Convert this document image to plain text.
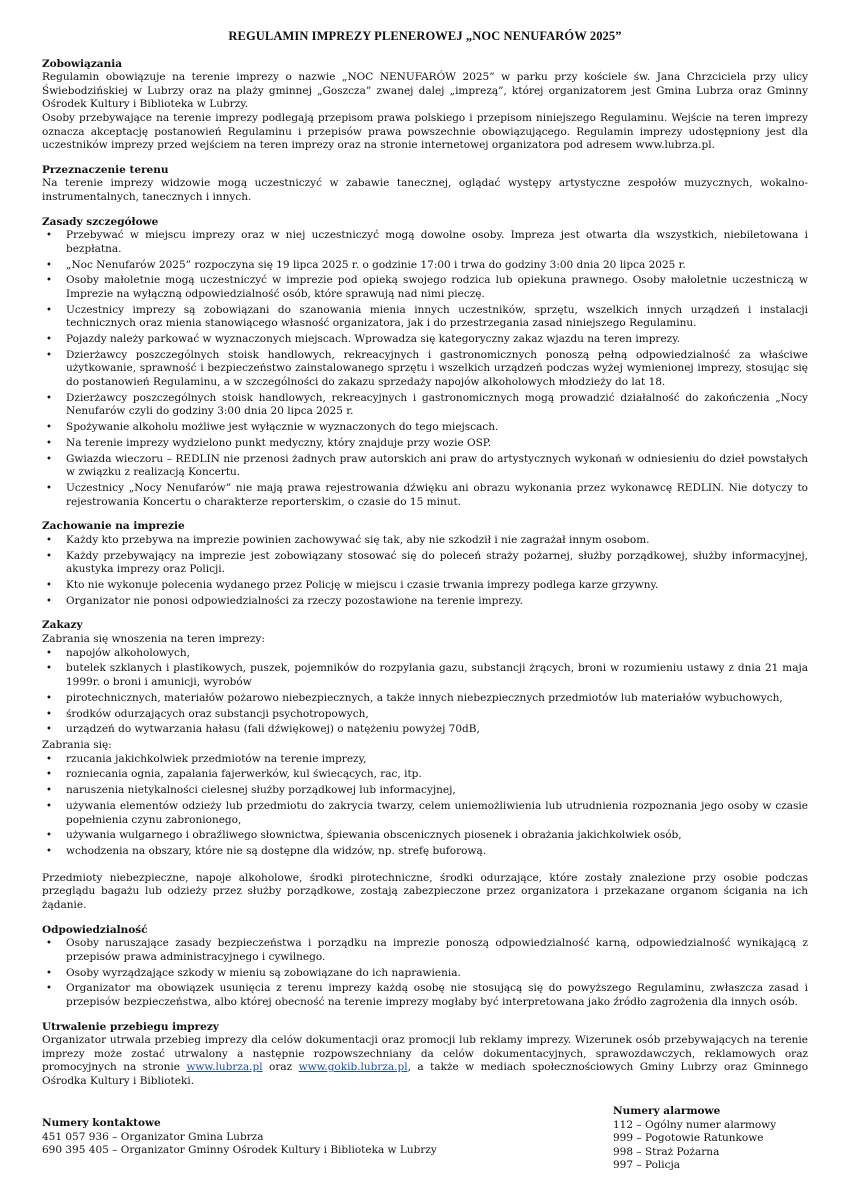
REGULAMIN IMPREZY PLENEROWEJ „NOC NENUFARÓW 2025”
Zobowiązania

Regulamin obowiązuje na terenie imprezy o nazwie „NOC NENUFARÓW 2025” w parku przy kościele św. Jana Chrzciciela przy ulicy Świebodzińskiej w Lubrzy oraz na plaży gminnej „Goszcza” zwanej dalej „imprezą”, której organizatorem jest Gmina Lubrza oraz Gminny Ośrodek Kultury i Biblioteka w Lubrzy.

Osoby przebywające na terenie imprezy podlegają przepisom prawa polskiego i przepisom niniejszego Regulaminu. Wejście na teren imprezy oznacza akceptację postanowień Regulaminu i przepisów prawa powszechnie obowiązującego. Regulamin imprezy udostępniony jest dla uczestników imprezy przed wejściem na teren imprezy oraz na stronie internetowej organizatora pod adresem www.lubrza.pl.

Przeznaczenie terenu

Na terenie imprezy widzowie mogą uczestniczyć w zabawie tanecznej, oglądać występy artystyczne zespołów muzycznych, wokalno-instrumentalnych, tanecznych i innych.

Zasady szczegółowe
• Przebywać w miejscu imprezy oraz w niej uczestniczyć mogą dowolne osoby. Impreza jest otwarta dla wszystkich, niebiletowana i bezpłatna.
• „Noc Nenufarów 2025” rozpoczyna się 19 lipca 2025 r. o godzinie 17:00 i trwa do godziny 3:00 dnia 20 lipca 2025 r.
• Osoby małoletnie mogą uczestniczyć w imprezie pod opieką swojego rodzica lub opiekuna prawnego. Osoby małoletnie uczestniczą w Imprezie na wyłączną odpowiedzialność osób, które sprawują nad nimi pieczę.
• Uczestnicy imprezy są zobowiązani do szanowania mienia innych uczestników, sprzętu, wszelkich innych urządzeń i instalacji technicznych oraz mienia stanowiącego własność organizatora, jak i do przestrzegania zasad niniejszego Regulaminu.
• Pojazdy należy parkować w wyznaczonych miejscach. Wprowadza się kategoryczny zakaz wjazdu na teren imprezy.
• Dzierżawcy poszczególnych stoisk handlowych, rekreacyjnych i gastronomicznych ponoszą pełną odpowiedzialność za właściwe użytkowanie, sprawność i bezpieczeństwo zainstalowanego sprzętu i wszelkich urządzeń podczas wyżej wymienionej imprezy, stosując się do postanowień Regulaminu, a w szczególności do zakazu sprzedaży napojów alkoholowych młodzieży do lat 18.
• Dzierżawcy poszczególnych stoisk handlowych, rekreacyjnych i gastronomicznych mogą prowadzić działalność do zakończenia „Nocy Nenufarów czyli do godziny 3:00 dnia 20 lipca 2025 r.
• Spożywanie alkoholu możliwe jest wyłącznie w wyznaczonych do tego miejscach.
• Na terenie imprezy wydzielono punkt medyczny, który znajduje przy wozie OSP.
• Gwiazda wieczoru – REDLIN nie przenosi żadnych praw autorskich ani praw do artystycznych wykonań w odniesieniu do dzieł powstałych w związku z realizacją Koncertu.
• Uczestnicy „Nocy Nenufarów” nie mają prawa rejestrowania dźwięku ani obrazu wykonania przez wykonawcę REDLIN. Nie dotyczy to rejestrowania Koncertu o charakterze reporterskim, o czasie do 15 minut.
Zachowanie na imprezie
• Każdy kto przebywa na imprezie powinien zachowywać się tak, aby nie szkodził i nie zagrażał innym osobom.
• Każdy przebywający na imprezie jest zobowiązany stosować się do poleceń straży pożarnej, służby porządkowej, służby informacyjnej, akustyka imprezy oraz Policji.
• Kto nie wykonuje polecenia wydanego przez Policję w miejscu i czasie trwania imprezy podlega karze grzywny.
• Organizator nie ponosi odpowiedzialności za rzeczy pozostawione na terenie imprezy.
Zakazy

Zabrania się wnoszenia na teren imprezy:

• napojów alkoholowych,
• butelek szklanych i plastikowych, puszek, pojemników do rozpylania gazu, substancji żrących, broni w rozumieniu ustawy z dnia 21 maja 1999r. o broni i amunicji, wyrobów
• pirotechnicznych, materiałów pożarowo niebezpiecznych, a także innych niebezpiecznych przedmiotów lub materiałów wybuchowych,
• środków odurzających oraz substancji psychotropowych,
• urządzeń do wytwarzania hałasu (fali dźwiękowej) o natężeniu powyżej 70dB,

Zabrania się:

• rzucania jakichkolwiek przedmiotów na terenie imprezy,
• rozniecania ognia, zapalania fajerwerków, kul świecących, rac, itp.
• naruszenia nietykalności cielesnej służby porządkowej lub informacyjnej,
• używania elementów odzieży lub przedmiotu do zakrycia twarzy, celem uniemożliwienia lub utrudnienia rozpoznania jego osoby w czasie popełnienia czynu zabronionego,
• używania wulgarnego i obraźliwego słownictwa, śpiewania obscenicznych piosenek i obrażania jakichkolwiek osób,
• wchodzenia na obszary, które nie są dostępne dla widzów, np. strefę buforową.

Przedmioty niebezpieczne, napoje alkoholowe, środki pirotechniczne, środki odurzające, które zostały znalezione przy osobie podczas przeglądu bagażu lub odzieży przez służby porządkowe, zostają zabezpieczone przez organizatora i przekazane organom ścigania na ich żądanie.

Odpowiedzialność
• Osoby naruszające zasady bezpieczeństwa i porządku na imprezie ponoszą odpowiedzialność karną, odpowiedzialność wynikającą z przepisów prawa administracyjnego i cywilnego.
• Osoby wyrządzające szkody w mieniu są zobowiązane do ich naprawienia.
• Organizator ma obowiązek usunięcia z terenu imprezy każdą osobę nie stosującą się do powyższego Regulaminu, zwłaszcza zasad i przepisów bezpieczeństwa, albo której obecność na terenie imprezy mogłaby być interpretowana jako źródło zagrożenia dla innych osób.
Utrwalenie przebiegu imprezy

Organizator utrwala przebieg imprezy dla celów dokumentacji oraz promocji lub reklamy imprezy. Wizerunek osób przebywających na terenie imprezy może zostać utrwalony a następnie rozpowszechniany da celów dokumentacyjnych, sprawozdawczych, reklamowych oraz promocyjnych na stronie www.lubrza.pl oraz www.gokib.lubrza.pl, a także w mediach społecznościowych Gminy Lubrzy oraz Gminnego Ośrodka Kultury i Biblioteki.

Numery kontaktowe
451 057 936 – Organizator Gmina Lubrza
690 395 405 – Organizator Gminny Ośrodek Kultury i Biblioteka w Lubrzy
Numery alarmowe
112 – Ogólny numer alarmowy
999 – Pogotowie Ratunkowe
998 – Straż Pożarna
997 – Policja
